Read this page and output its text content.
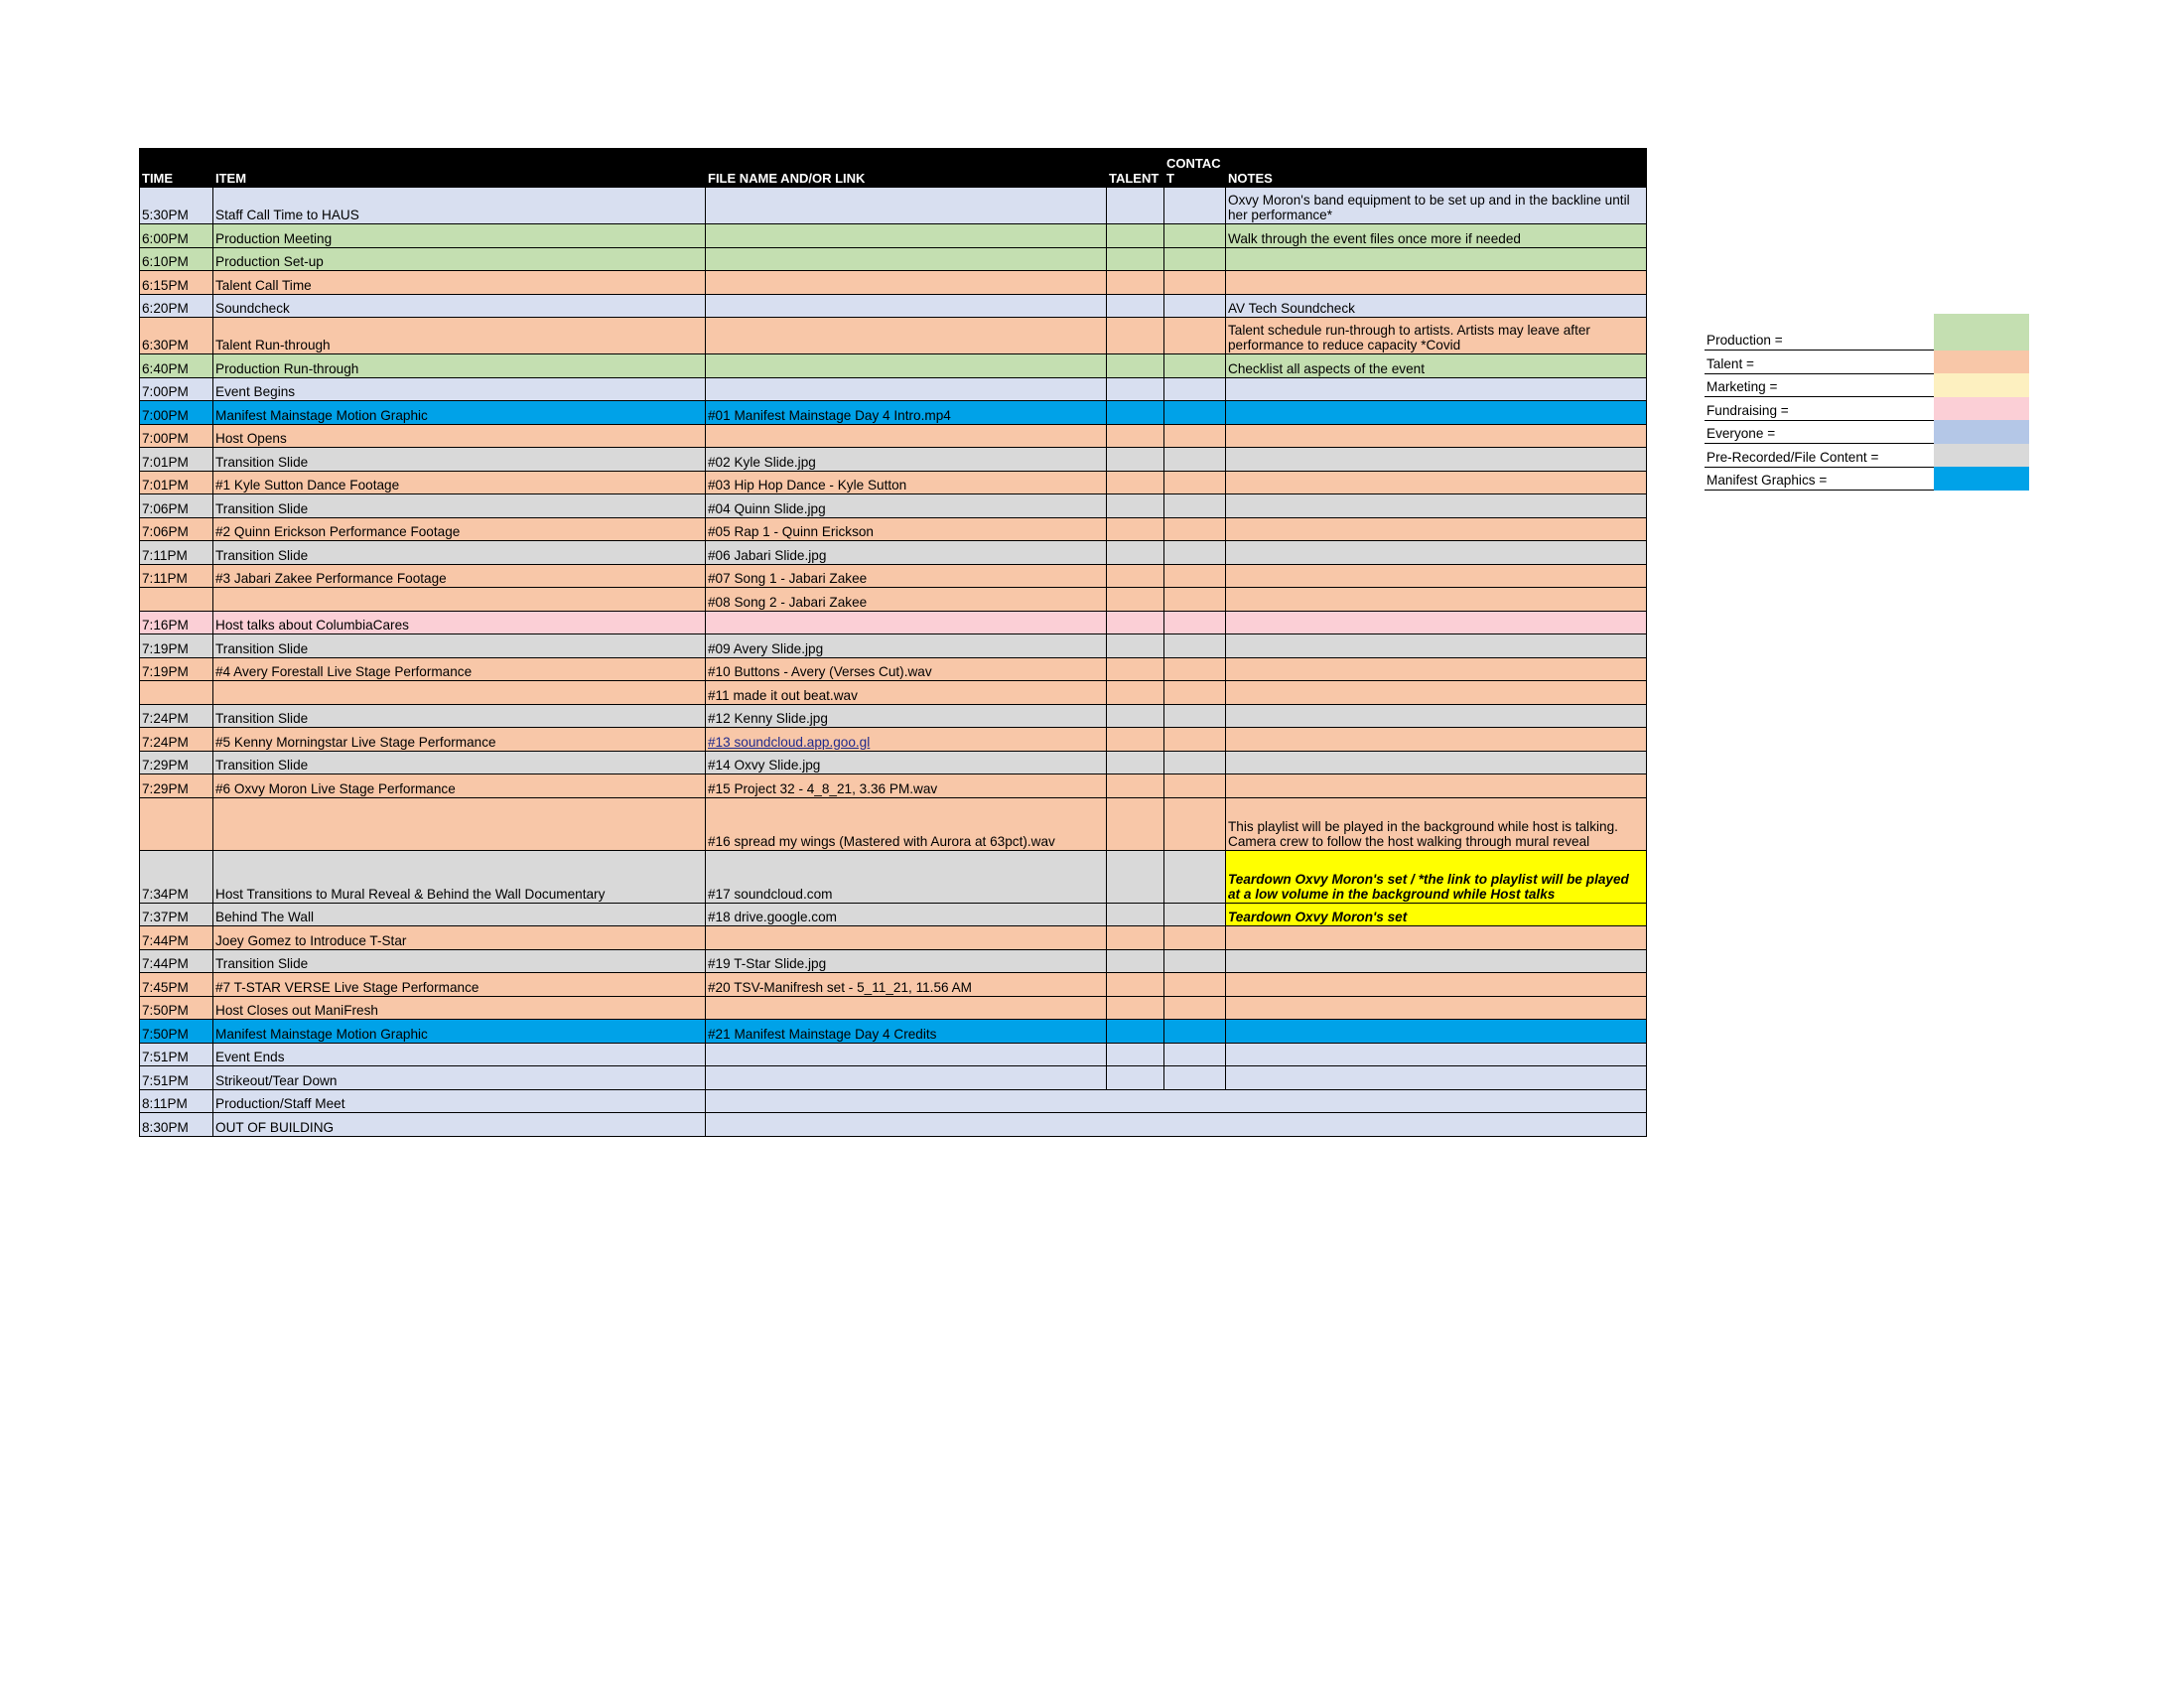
TIME	ITEM	FILE NAME AND/OR LINK	TALENT	CONTAC T	NOTES
5:30PM	Staff Call Time to HAUS				Oxvy Moron's band equipment to be set up and in the backline until her performance*
6:00PM	Production Meeting				Walk through the event files once more if needed
6:10PM	Production Set-up				
6:15PM	Talent Call Time				
6:20PM	Soundcheck				AV Tech Soundcheck
6:30PM	Talent Run-through				Talent schedule run-through to artists. Artists may leave after performance to reduce capacity *Covid
6:40PM	Production Run-through				Checklist all aspects of the event
7:00PM	Event Begins				
7:00PM	Manifest Mainstage Motion Graphic	#01 Manifest Mainstage Day 4 Intro.mp4			
7:00PM	Host Opens				
7:01PM	Transition Slide	#02 Kyle Slide.jpg			
7:01PM	#1 Kyle Sutton Dance Footage	#03 Hip Hop Dance - Kyle Sutton			
7:06PM	Transition Slide	#04 Quinn Slide.jpg			
7:06PM	#2 Quinn Erickson Performance Footage	#05 Rap 1 - Quinn Erickson			
7:11PM	Transition Slide	#06 Jabari Slide.jpg			
7:11PM	#3 Jabari Zakee Performance Footage	#07 Song 1 - Jabari Zakee			
		#08 Song 2 - Jabari Zakee			
7:16PM	Host talks about ColumbiaCares				
7:19PM	Transition Slide	#09 Avery Slide.jpg			
7:19PM	#4 Avery Forestall Live Stage Performance	#10 Buttons - Avery (Verses Cut).wav			
		#11 made it out beat.wav			
7:24PM	Transition Slide	#12 Kenny Slide.jpg			
7:24PM	#5 Kenny Morningstar Live Stage Performance	#13 soundcloud.app.goo.gl			
7:29PM	Transition Slide	#14 Oxvy Slide.jpg			
7:29PM	#6 Oxvy Moron Live Stage Performance	#15 Project 32 - 4_8_21, 3.36 PM.wav			
		#16 spread my wings (Mastered with Aurora at 63pct).wav			This playlist will be played in the background while host is talking. Camera crew to follow the host walking through mural reveal
7:34PM	Host Transitions to Mural Reveal & Behind the Wall Documentary	#17 soundcloud.com			Teardown Oxvy Moron's set / *the link to playlist will be played at a low volume in the background while Host talks
7:37PM	Behind The Wall	#18 drive.google.com			Teardown Oxvy Moron's set
7:44PM	Joey Gomez to Introduce T-Star				
7:44PM	Transition Slide	#19 T-Star Slide.jpg			
7:45PM	#7 T-STAR VERSE Live Stage Performance	#20 TSV-Manifresh set - 5_11_21, 11.56 AM			
7:50PM	Host Closes out ManiFresh				
7:50PM	Manifest Mainstage Motion Graphic	#21 Manifest Mainstage Day 4 Credits			
7:51PM	Event Ends				
7:51PM	Strikeout/Tear Down				
8:11PM	Production/Staff Meet				
8:30PM	OUT OF BUILDING				
Production =	
Talent =	
Marketing =	
Fundraising =	
Everyone =	
Pre-Recorded/File Content =	
Manifest Graphics =	
